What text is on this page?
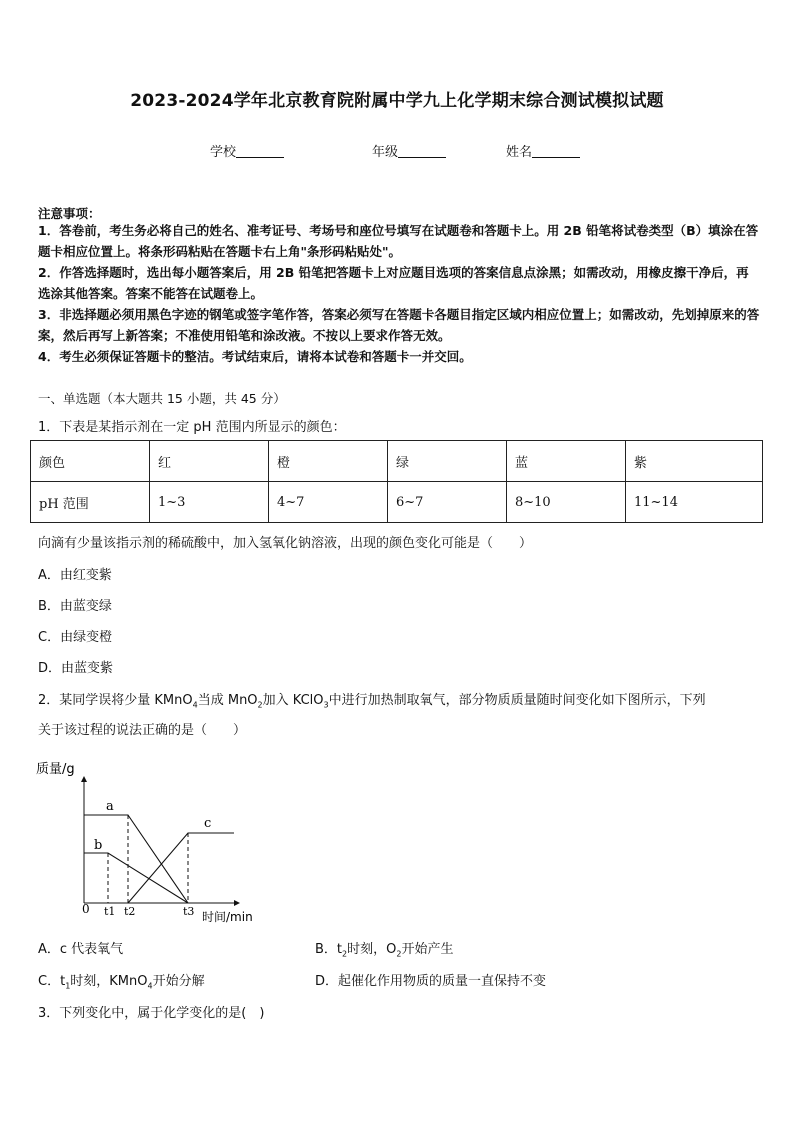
2023-2024学年北京教育院附属中学九上化学期末综合测试模拟试题
学校	年级	姓名
注意事项：
1．答卷前，考生务必将自己的姓名、准考证号、考场号和座位号填写在试题卷和答题卡上。用 2B 铅笔将试卷类型（B）填涂在答题卡相应位置上。将条形码粘贴在答题卡右上角"条形码粘贴处"。
2．作答选择题时，选出每小题答案后，用 2B 铅笔把答题卡上对应题目选项的答案信息点涂黑；如需改动，用橡皮擦干净后，再选涂其他答案。答案不能答在试题卷上。
3．非选择题必须用黑色字迹的钢笔或签字笔作答，答案必须写在答题卡各题目指定区域内相应位置上；如需改动，先划掉原来的答案，然后再写上新答案；不准使用铅笔和涂改液。不按以上要求作答无效。
4．考生必须保证答题卡的整洁。考试结束后，请将本试卷和答题卡一并交回。
一、单选题（本大题共 15 小题，共 45 分）
1．下表是某指示剂在一定 pH 范围内所显示的颜色：
颜色	红	橙	绿	蓝	紫
pH 范围	1~3	4~7	6~7	8~10	11~14
向滴有少量该指示剂的稀硫酸中，加入氢氧化钠溶液，出现的颜色变化可能是（　　）
A．由红变紫
B．由蓝变绿
C．由绿变橙
D．由蓝变紫
2．某同学误将少量 KMnO$_4$当成 MnO$_2$加入 KClO$_3$中进行加热制取氧气，部分物质质量随时间变化如下图所示，下列
关于该过程的说法正确的是（　　）
质量/g
时间/min
0
a
b
c
t1 t2	t3
A．c 代表氧气	B．$t_2$时刻，$O_2$开始产生
C．$t_1$时刻，KMnO$_4$开始分解	D．起催化作用物质的质量一直保持不变
3．下列变化中，属于化学变化的是(　)
